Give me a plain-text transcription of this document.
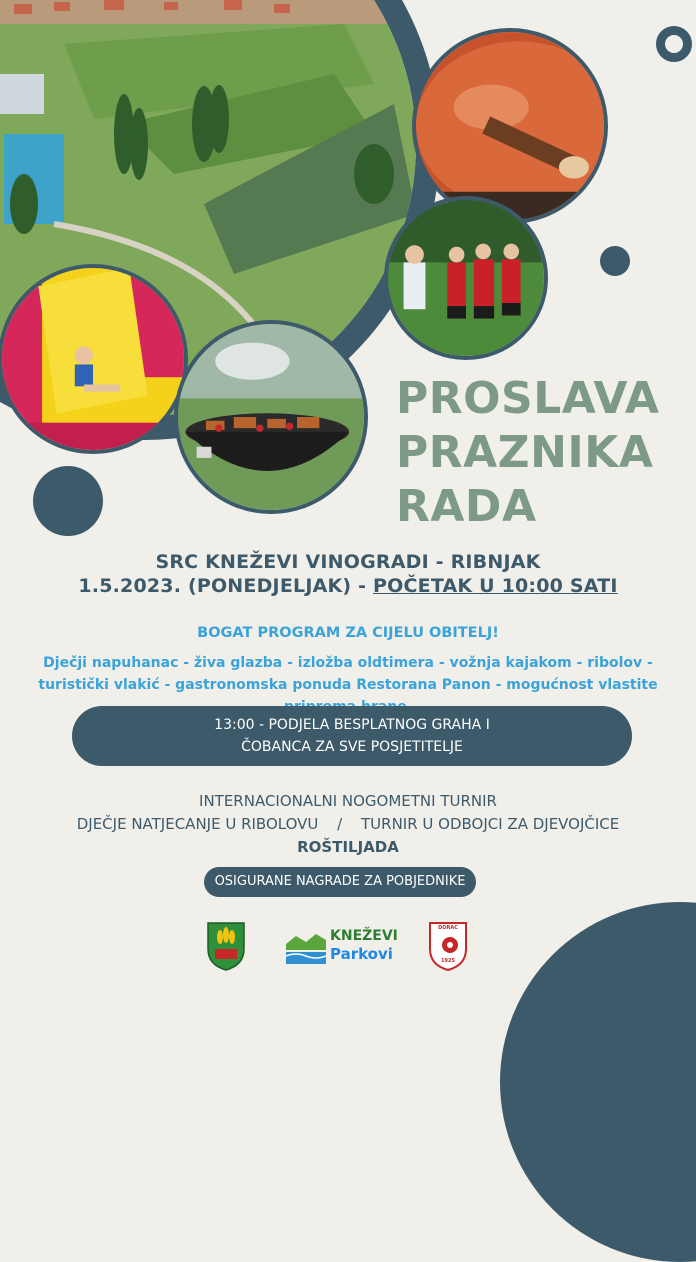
PROSLAVA
PRAZNIKA
RADA
SRC KNEŽEVI VINOGRADI - RIBNJAK
1.5.2023. (PONEDJELJAK) - POČETAK U 10:00 SATI
BOGAT PROGRAM ZA CIJELU OBITELJ!
Dječji napuhanac - živa glazba - izložba oldtimera - vožnja kajakom - ribolov - turistički vlakić - gastronomska ponuda Restorana Panon - mogućnost vlastite
13:00 - PODJELA BESPLATNOG GRAHA I
ČOBANCA ZA SVE POSJETITELJE
INTERNACIONALNI NOGOMETNI TURNIR
DJEČJE NATJECANJE U RIBOLOVU / TURNIR U ODBOJCI ZA DJEVOJČICE
ROŠTILJADA
OSIGURANE NAGRADE ZA POBJEDNIKE
KNEŽEVI
Parkovi
DORAC
1925
